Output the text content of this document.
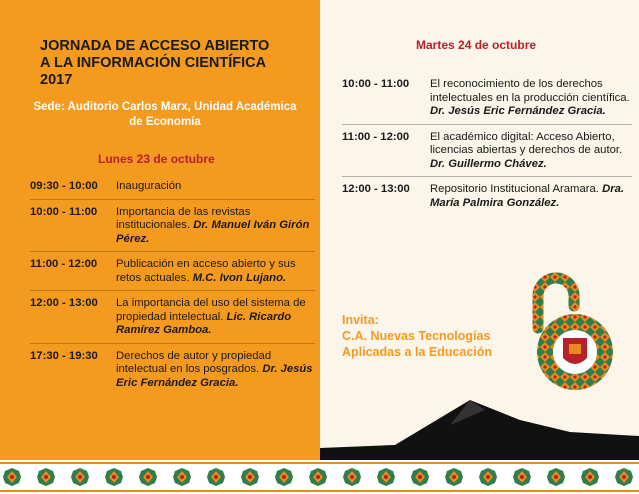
JORNADA DE ACCESO ABIERTO
A LA INFORMACIÓN CIENTÍFICA
2017
Sede: Auditorio Carlos Marx, Unidad Académica
de Economía
Lunes 23 de octubre
09:30 - 10:00	Inauguración
10:00 - 11:00	Importancia de las revistas institucionales. Dr. Manuel Iván Girón Pérez.
11:00 - 12:00	Publicación en acceso abierto y sus retos actuales. M.C. Ivon Lujano.
12:00 - 13:00	La importancia del uso del sistema de propiedad intelectual. Lic. Ricardo Ramírez Gamboa.
17:30 - 19:30	Derechos de autor y propiedad intelectual en los posgrados. Dr. Jesús Eric Fernández Gracia.
Martes 24 de octubre
10:00 - 11:00	El reconocimiento de los derechos intelectuales en la producción científica. Dr. Jesús Eric Fernández Gracia.
11:00 - 12:00	El académico digital: Acceso Abierto, licencias abiertas y derechos de autor. Dr. Guillermo Chávez.
12:00 - 13:00	Repositorio Institucional Aramara. Dra. María Palmira González.
Invita:
C.A. Nuevas Tecnologías
Aplicadas a la Educación
